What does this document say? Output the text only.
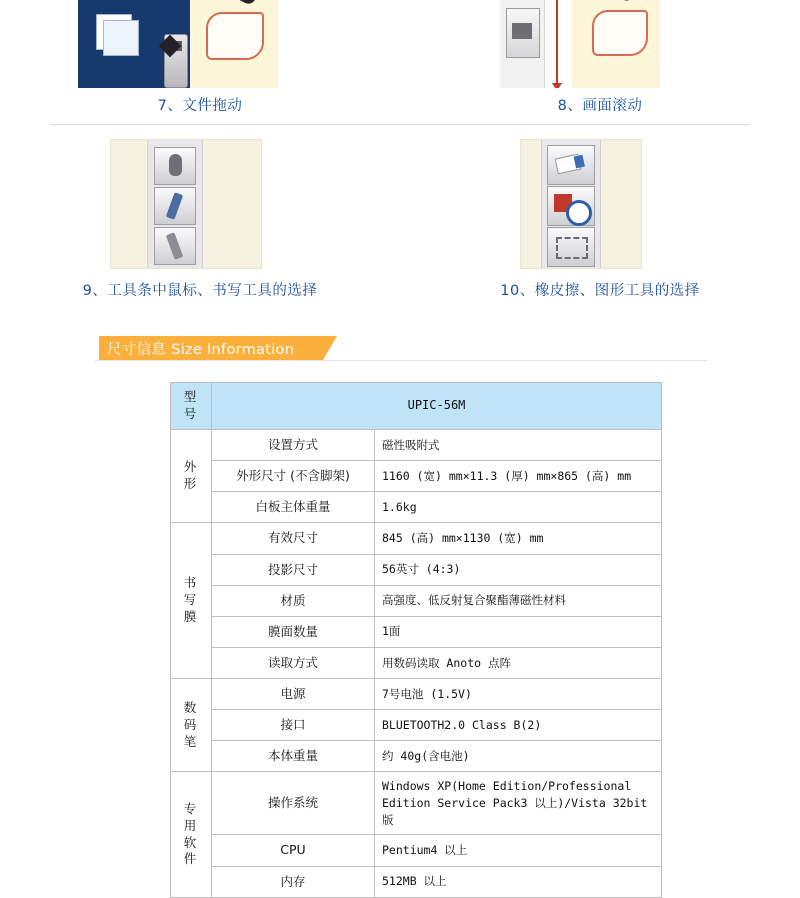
7、文件拖动	8、画面滚动
9、工具条中鼠标、书写工具的选择	10、橡皮擦、图形工具的选择
尺寸信息 Size Information
型
号	UPIC-56M	

外
形	设置方式	磁性吸附式
	外形尺寸 (不含脚架)	1160 (宽) mm×11.3 (厚) mm×865 (高) mm
	白板主体重量	1.6kg

书
写
膜	有效尺寸	845 (高) mm×1130 (宽) mm
	投影尺寸	56英寸 (4:3)
	材质	高强度、低反射复合聚酯薄磁性材料
	膜面数量	1面
	读取方式	用数码读取 Anoto 点阵

数
码
笔	电源	7号电池 (1.5V)
	接口	BLUETOOTH2.0 Class B(2)
	本体重量	约 40g(含电池)

专
用
软
件	操作系统	Windows XP(Home Edition/Professional Edition Service Pack3 以上)/Vista 32bit 版
	CPU	Pentium4 以上
	内存	512MB 以上
